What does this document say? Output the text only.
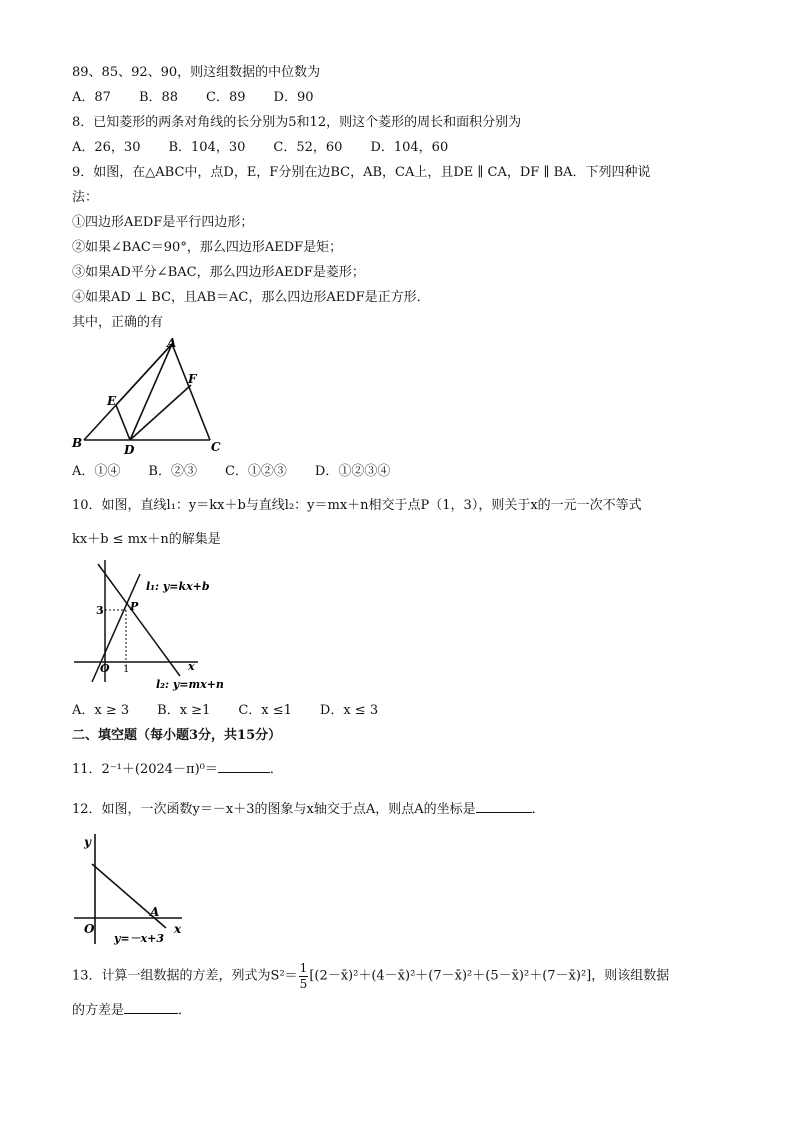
89、85、92、90，则这组数据的中位数为
A．87 B．88 C．89 D．90
8．已知菱形的两条对角线的长分别为5和12，则这个菱形的周长和面积分别为
A．26，30 B．104，30 C．52，60 D．104，60
9．如图，在△ABC中，点D，E，F分别在边BC，AB，CA上，且DE ∥ CA，DF ∥ BA．下列四种说
法：
①四边形AEDF是平行四边形；
②如果∠BAC＝90°，那么四边形AEDF是矩；
③如果AD平分∠BAC，那么四边形AEDF是菱形；
④如果AD ⊥ BC，且AB＝AC，那么四边形AEDF是正方形．
其中，正确的有
A
B	C
D
E
F
A．①④ B．②③ C．①②③ D．①②③④
10．如图，直线l₁：y＝kx＋b与直线l₂：y＝mx＋n相交于点P（1，3），则关于x的一元一次不等式
kx＋b ≤ mx＋n的解集是
l₁: y=kx+b
l₂: y=mx+n
P
3
1
O	x
A．x ≥ 3 B．x ≥1 C．x ≤1 D．x ≤ 3
二、填空题（每小题3分，共15分）
11．2⁻¹＋(2024－π)⁰＝	．
12．如图，一次函数y＝－x＋3的图象与x轴交于点A，则点A的坐标是	．
y
x
O
A
y=－x+3
13．计算一组数据的方差，列式为$S^2= \frac{1}{5}$ [(2－x̄)²＋(4－x̄)²＋(7－x̄)²＋(5－x̄)²＋(7－x̄)²]，则该组数据
的方差是	．
